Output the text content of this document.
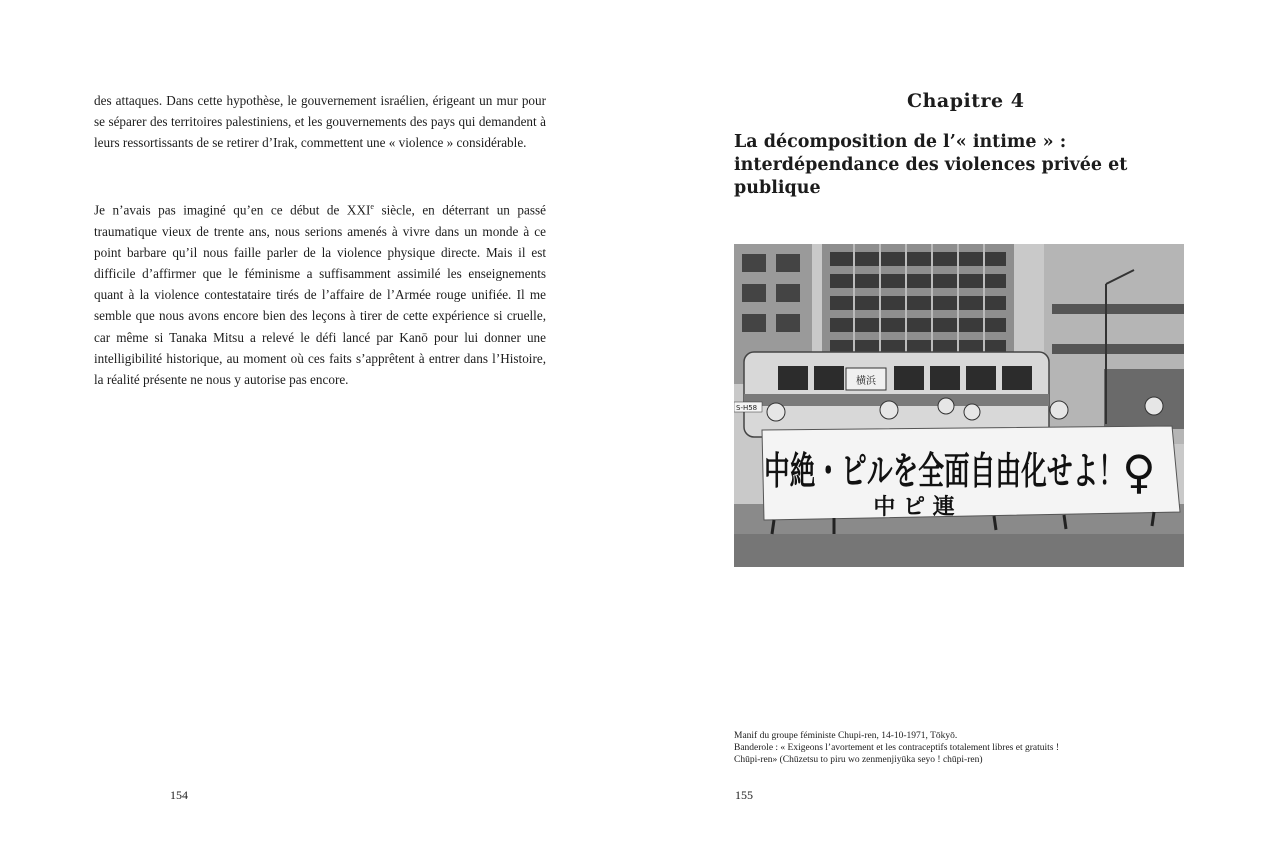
des attaques. Dans cette hypothèse, le gouvernement israélien, érigeant un mur pour se séparer des territoires palestiniens, et les gouvernements des pays qui demandent à leurs ressortissants de se retirer d’Irak, commettent une « violence » considérable.

Je n’avais pas imaginé qu’en ce début de XXIe siècle, en déterrant un passé traumatique vieux de trente ans, nous serions amenés à vivre dans un monde à ce point barbare qu’il nous faille parler de la violence physique directe. Mais il est difficile d’affirmer que le féminisme a suffisamment assimilé les enseignements quant à la violence contestataire tirés de l’affaire de l’Armée rouge unifiée. Il me semble que nous avons encore bien des leçons à tirer de cette expérience si cruelle, car même si Tanaka Mitsu a relevé le défi lancé par Kanō pour lui donner une intelligibilité historique, au moment où ces faits s’apprêtent à entrer dans l’Histoire, la réalité présente ne nous y autorise pas encore.

154
Chapitre 4
La décomposition de l’« intime » : interdépendance des violences privée et publique
横浜
S-H58
中絶・ピルを全面自由化せよ！
♀
中 ピ 連
Manif du groupe féministe Chupi-ren, 14-10-1971, Tōkyō.
Banderole : « Exigeons l’avortement et les contraceptifs totalement libres et gratuits !
Chūpi-ren» (Chūzetsu to piru wo zenmenjiyūka seyo ! chūpi-ren)
155
